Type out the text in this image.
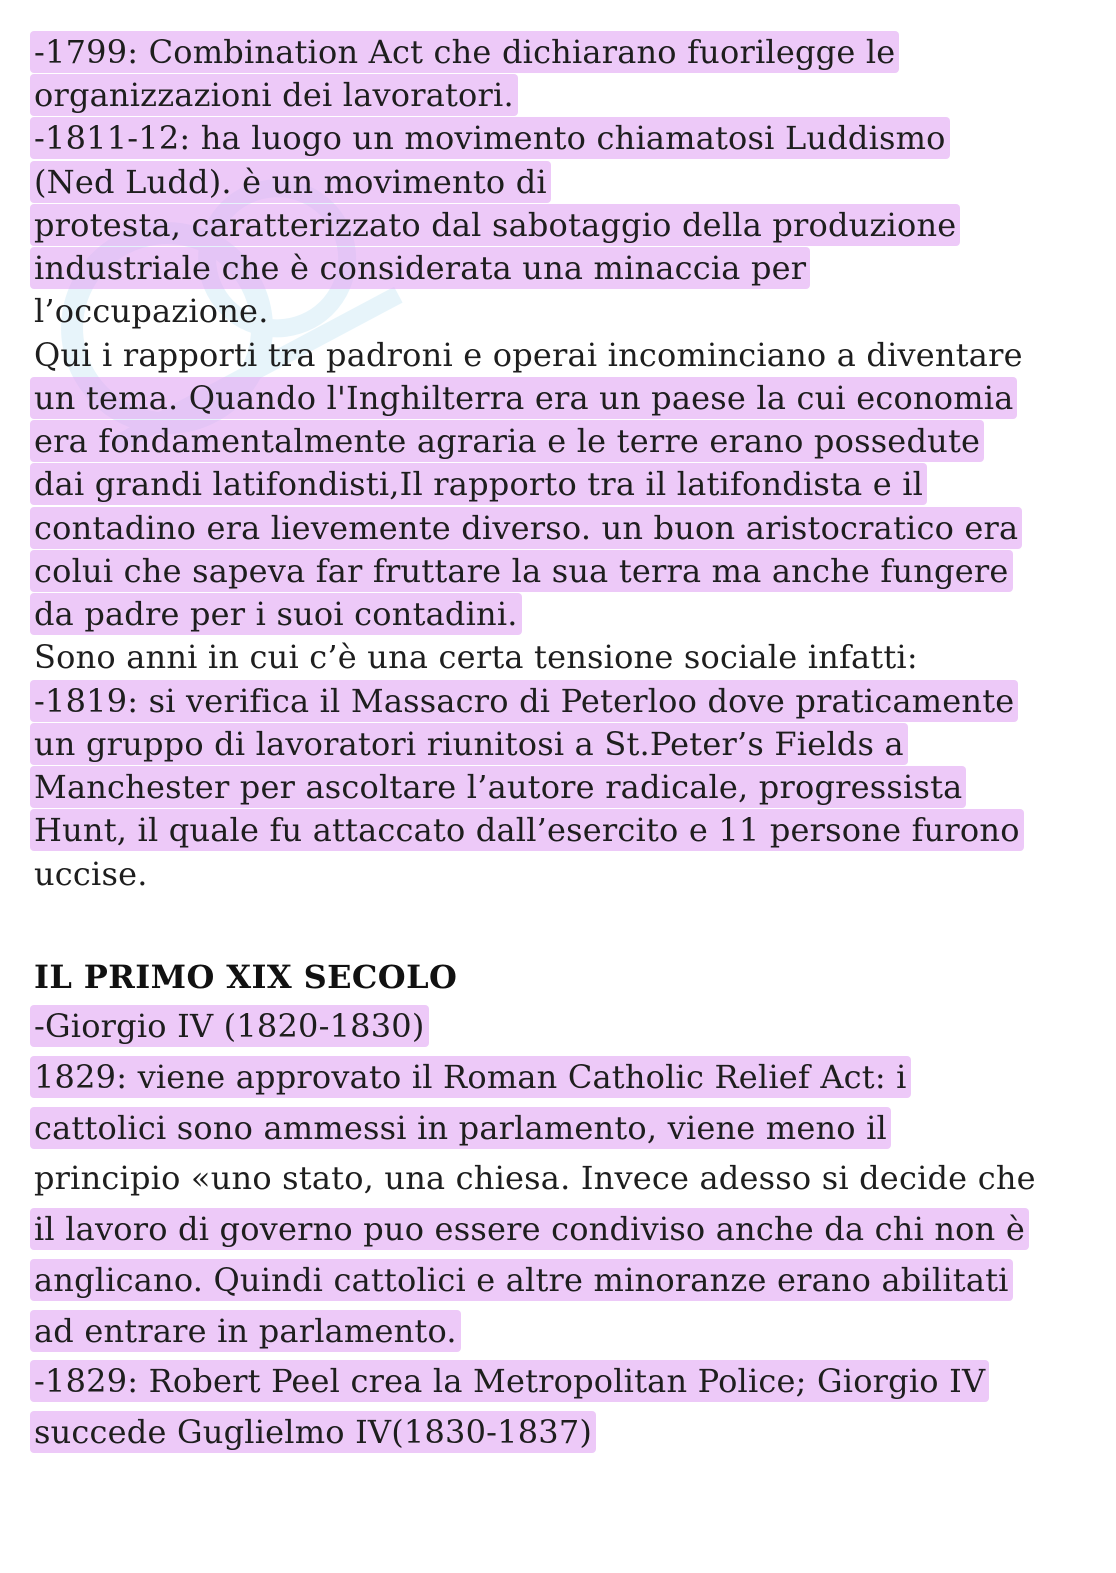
-1799: Combination Act che dichiarano fuorilegge le
organizzazioni dei lavoratori.
-1811-12: ha luogo un movimento chiamatosi Luddismo
(Ned Ludd). è un movimento di
protesta, caratterizzato dal sabotaggio della produzione
industriale che è considerata una minaccia per
l’occupazione.
Qui i rapporti tra padroni e operai incominciano a diventare
un tema. Quando l'Inghilterra era un paese la cui economia
era fondamentalmente agraria e le terre erano possedute
dai grandi latifondisti,Il rapporto tra il latifondista e il
contadino era lievemente diverso. un buon aristocratico era
colui che sapeva far fruttare la sua terra ma anche fungere
da padre per i suoi contadini.
Sono anni in cui c’è una certa tensione sociale infatti:
-1819: si verifica il Massacro di Peterloo dove praticamente
un gruppo di lavoratori riunitosi a St.Peter’s Fields a
Manchester per ascoltare l’autore radicale, progressista
Hunt, il quale fu attaccato dall’esercito e 11 persone furono
uccise.
IL PRIMO XIX SECOLO
-Giorgio IV (1820-1830)
1829: viene approvato il Roman Catholic Relief Act: i
cattolici sono ammessi in parlamento, viene meno il
principio «uno stato, una chiesa. Invece adesso si decide che
il lavoro di governo puo essere condiviso anche da chi non è
anglicano. Quindi cattolici e altre minoranze erano abilitati
ad entrare in parlamento.
-1829: Robert Peel crea la Metropolitan Police; Giorgio IV
succede Guglielmo IV(1830-1837)
